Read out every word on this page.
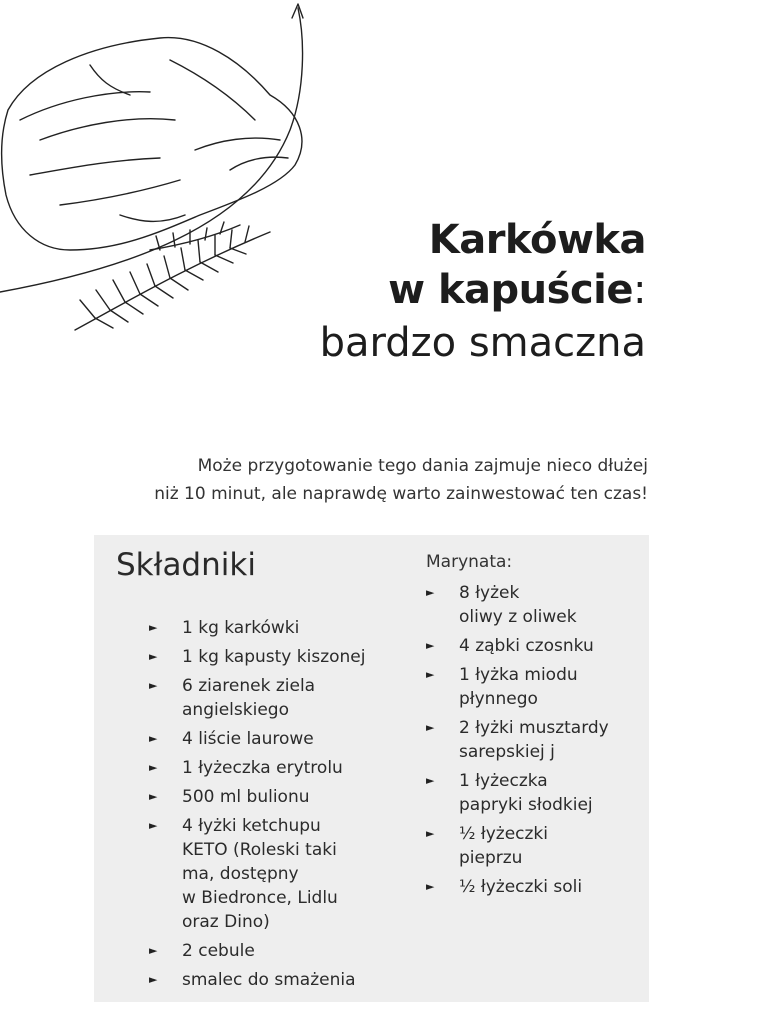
Karkówka
w kapuście:
bardzo smaczna
Może przygotowanie tego dania zajmuje nieco dłużej
niż 10 minut, ale naprawdę warto zainwestować ten czas!
Składniki
► 1 kg karkówki
► 1 kg kapusty kiszonej
► 6 ziarenek ziela
angielskiego
► 4 liście laurowe
► 1 łyżeczka erytrolu
► 500 ml bulionu
► 4 łyżki ketchupu
KETO (Roleski taki
ma, dostępny
w Biedronce, Lidlu
oraz Dino)
► 2 cebule
► smalec do smażenia
Marynata:
► 8 łyżek
oliwy z oliwek
► 4 ząbki czosnku
► 1 łyżka miodu
płynnego
► 2 łyżki musztardy
sarepskiej j
► 1 łyżeczka
papryki słodkiej
► ½ łyżeczki
pieprzu
► ½ łyżeczki soli
